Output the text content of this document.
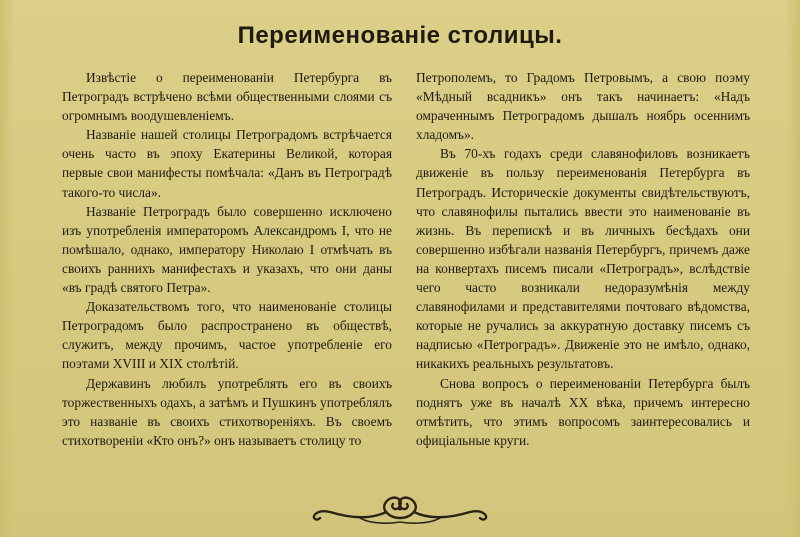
Переименованіе столицы.

Извѣстіе о переименованіи Петербурга въ Петроградъ встрѣчено всѣми общественными слоями съ огромнымъ воодушевленіемъ.

Названіе нашей столицы Петроградомъ встрѣчается очень часто въ эпоху Екатерины Великой, которая первые свои манифесты помѣчала: «Данъ въ Петроградѣ такого-то числа».

Названіе Петроградъ было совершенно исключено изъ употребленія императоромъ Александромъ I, что не помѣшало, однако, императору Николаю I отмѣчать въ своихъ раннихъ манифестахъ и указахъ, что они даны «въ градѣ святого Петра».

Доказательствомъ того, что наименованіе столицы Петроградомъ было распространено въ обществѣ, служитъ, между прочимъ, частое употребленіе его поэтами XVIII и XIX столѣтій.

Державинъ любилъ употреблять его въ своихъ торжественныхъ одахъ, а затѣмъ и Пушкинъ употреблялъ это названіе въ своихъ стихотвореніяхъ. Въ своемъ стихотвореніи «Кто онъ?» онъ называетъ столицу то

Петрополемъ, то Градомъ Петровымъ, а свою поэму «Мѣдный всадникъ» онъ такъ начинаетъ: «Надъ омраченнымъ Петроградомъ дышалъ ноябрь осеннимъ хладомъ».

Въ 70-хъ годахъ среди славянофиловъ возникаетъ движеніе въ пользу переименованія Петербурга въ Петроградъ. Историческіе документы свидѣтельствуютъ, что славянофилы пытались ввести это наименованіе въ жизнь. Въ перепискѣ и въ личныхъ бесѣдахъ они совершенно избѣгали названія Петербургъ, причемъ даже на конвертахъ писемъ писали «Петроградъ», вслѣдствіе чего часто возникали недоразумѣнія между славянофилами и представителями почтоваго вѣдомства, которые не ручались за аккуратную доставку писемъ съ надписью «Петроградъ». Движеніе это не имѣло, однако, никакихъ реальныхъ результатовъ.

Снова вопросъ о переименованіи Петербурга былъ поднятъ уже въ началѣ XX вѣка, причемъ интересно отмѣтить, что этимъ вопросомъ заинтересовались и офиціальные круги.
